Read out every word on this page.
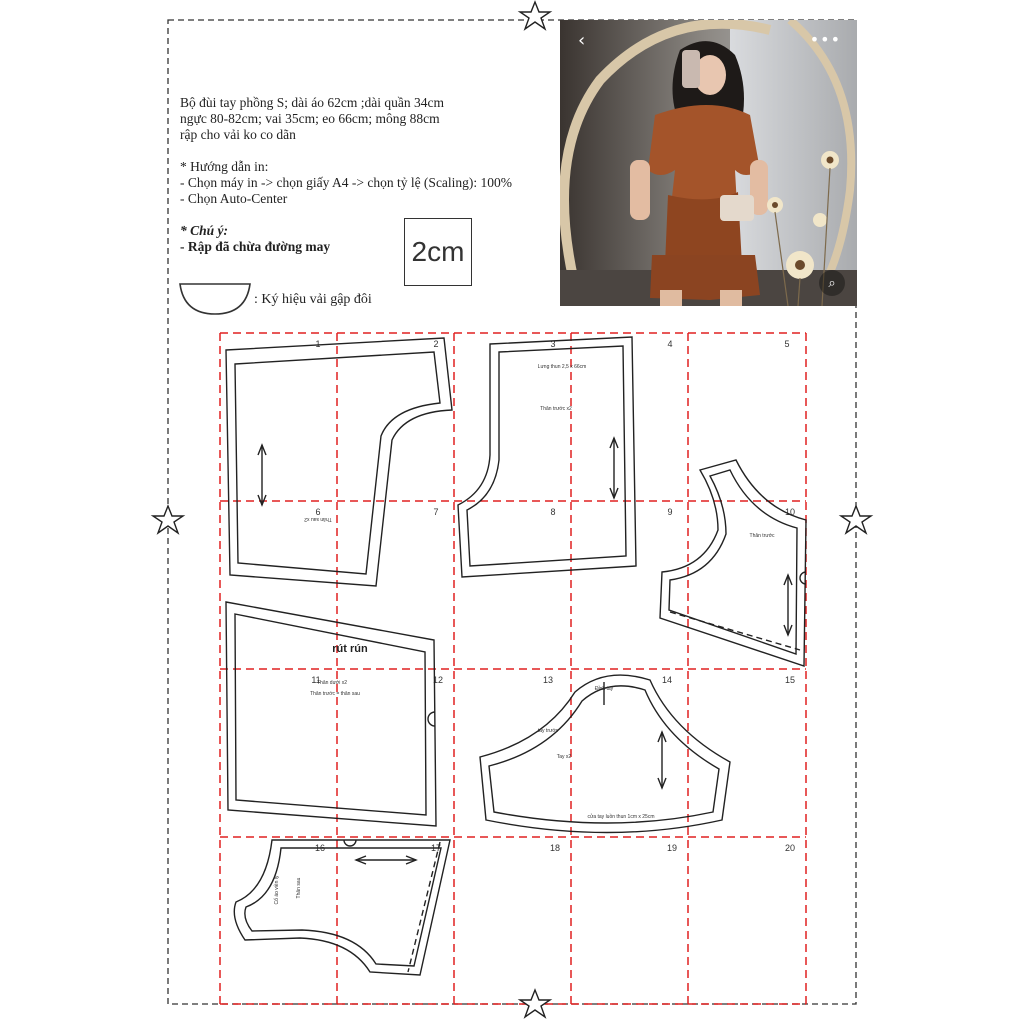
Bộ đùi tay phồng S; dài áo 62cm ;dài quần 34cm
ngực 80-82cm; vai 35cm; eo 66cm; mông 88cm
rập cho vải ko co dãn
* Hướng dẫn in:
- Chọn máy in -> chọn giấy A4 -> chọn tỷ lệ (Scaling): 100%
- Chọn Auto-Center
* Chú ý:
- Rập đã chừa đường may	2cm
: Ký hiệu vải gập đôi
‹	•••
⌕
1	2	3	4	5
6	7	8	9	10
11	12	13	14	15
16	17	18	19	20
Thân sau x2
Lưng thun 2,5 x 66cm
Thân trước x2
Thân trước
rút rún
Thân dưới x2
Thân trước = thân sau
Đỉnh tay
tay trước
Tay x2
cửa tay luồn thun 1cm x 25cm
Cổ áo viền ly	Thân sau
